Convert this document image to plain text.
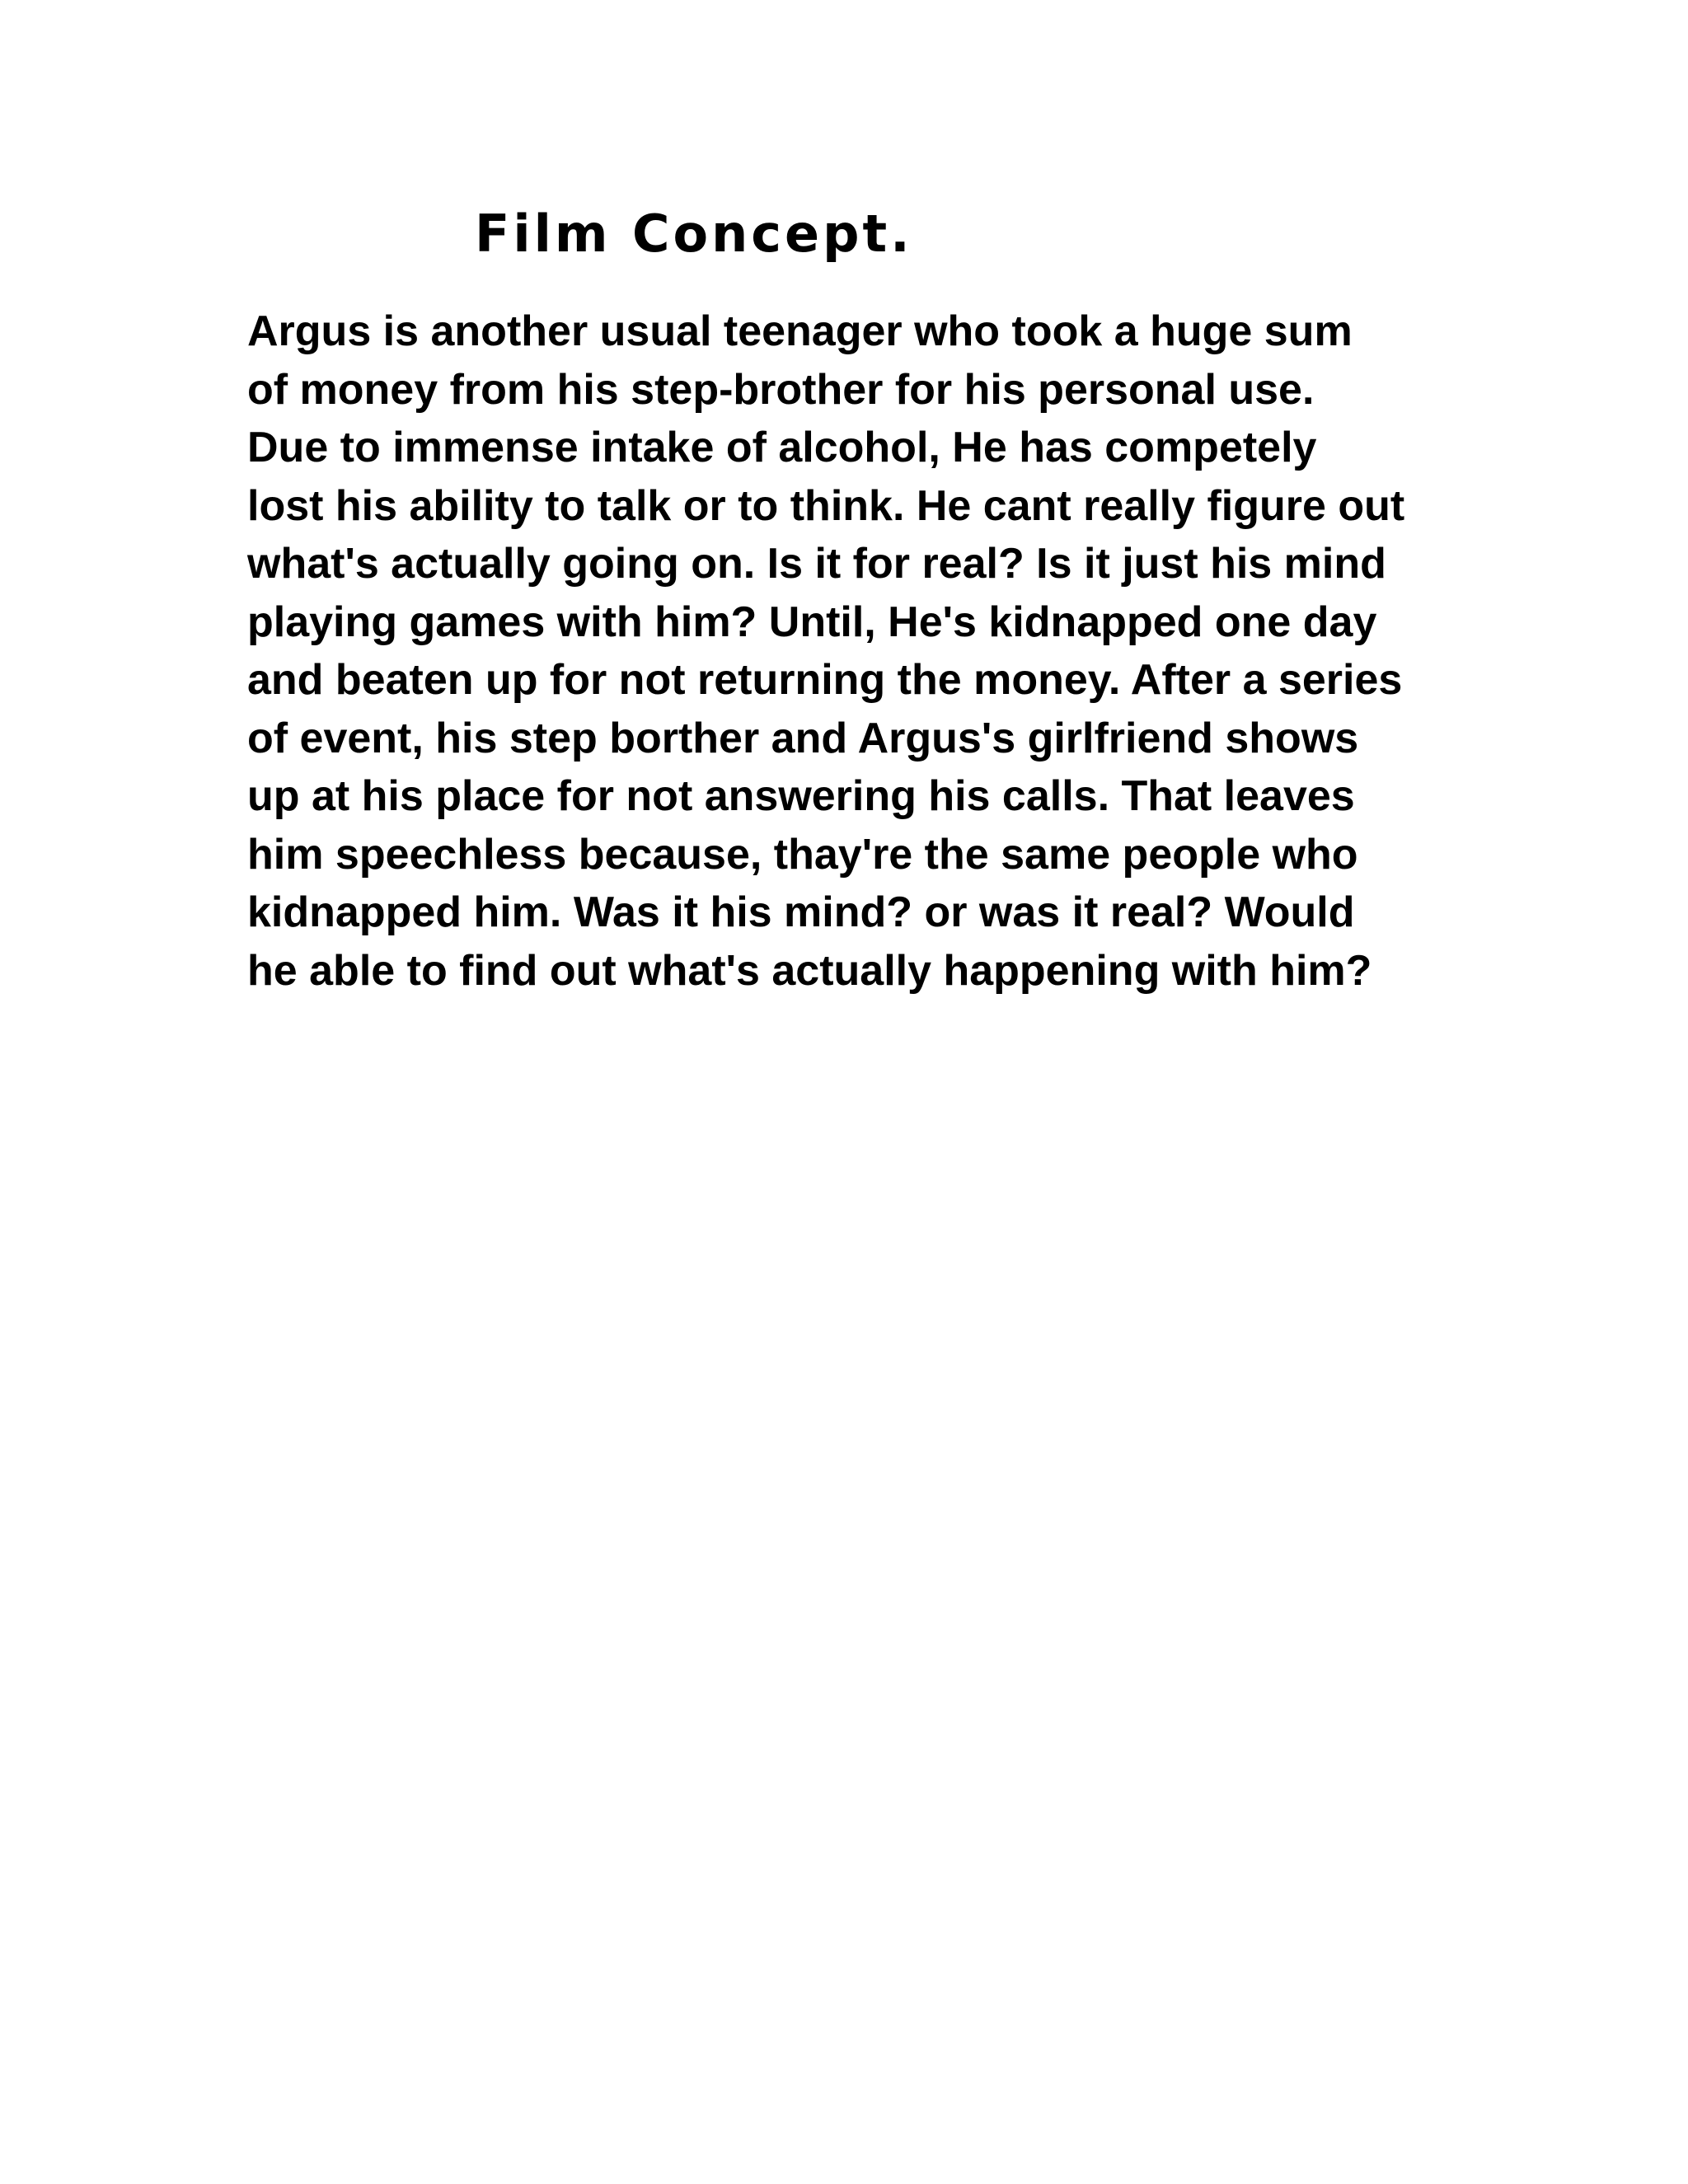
Film Concept.
Argus is another usual teenager who took a huge sum
of money from his step-brother for his personal use.
Due to immense intake of alcohol, He has competely
lost his ability to talk or to think. He cant really figure out
what's actually going on. Is it for real? Is it just his mind
playing games with him? Until, He's kidnapped one day
and beaten up for not returning the money. After a series
of event, his step borther and Argus's girlfriend shows
up at his place for not answering his calls. That leaves
him speechless because, thay're the same people who
kidnapped him. Was it his mind? or was it real? Would
he able to find out what's actually happening with him?
